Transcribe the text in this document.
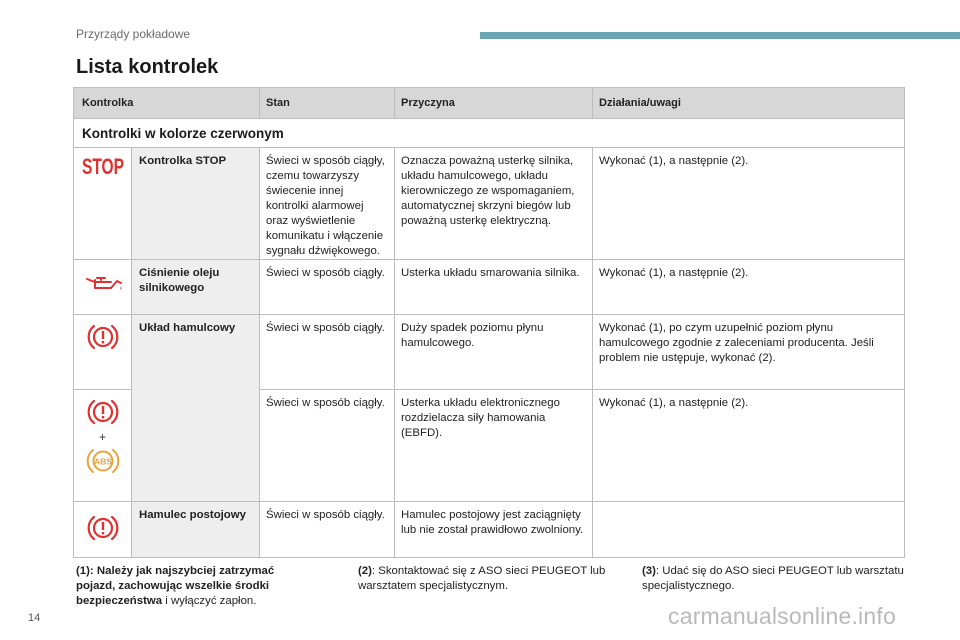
Przyrządy pokładowe
Lista kontrolek
Kontrolka		Stan	Przyczyna	Działania/uwagi
Kontrolki w kolorze czerwonym				

STOP	Kontrolka STOP	Świeci w sposób ciągły, czemu towarzyszy świecenie innej kontrolki alarmowej oraz wyświetlenie komunikatu i włączenie sygnału dźwiękowego.	Oznacza poważną usterkę silnika, układu hamulcowego, układu kierowniczego ze wspomaganiem, automatycznej skrzyni biegów lub poważną usterkę elektryczną.	Wykonać (1), a następnie (2).

	Ciśnienie oleju silnikowego	Świeci w sposób ciągły.	Usterka układu smarowania silnika.	Wykonać (1), a następnie (2).

	Układ hamulcowy	Świeci w sposób ciągły.	Duży spadek poziomu płynu hamulcowego.	Wykonać (1), po czym uzupełnić poziom płynu hamulcowego zgodnie z zaleceniami producenta. Jeśli problem nie ustępuje, wykonać (2).

+
ABS		Świeci w sposób ciągły.	Usterka układu elektronicznego rozdzielacza siły hamowania (EBFD).	Wykonać (1), a następnie (2).

	Hamulec postojowy	Świeci w sposób ciągły.	Hamulec postojowy jest zaciągnięty lub nie został prawidłowo zwolniony.	
(1): Należy jak najszybciej zatrzymać pojazd, zachowując wszelkie środki bezpieczeństwa i wyłączyć zapłon.
(2): Skontaktować się z ASO sieci PEUGEOT lub warsztatem specjalistycznym.
(3): Udać się do ASO sieci PEUGEOT lub warsztatu specjalistycznego.
14	carmanualsonline.info
